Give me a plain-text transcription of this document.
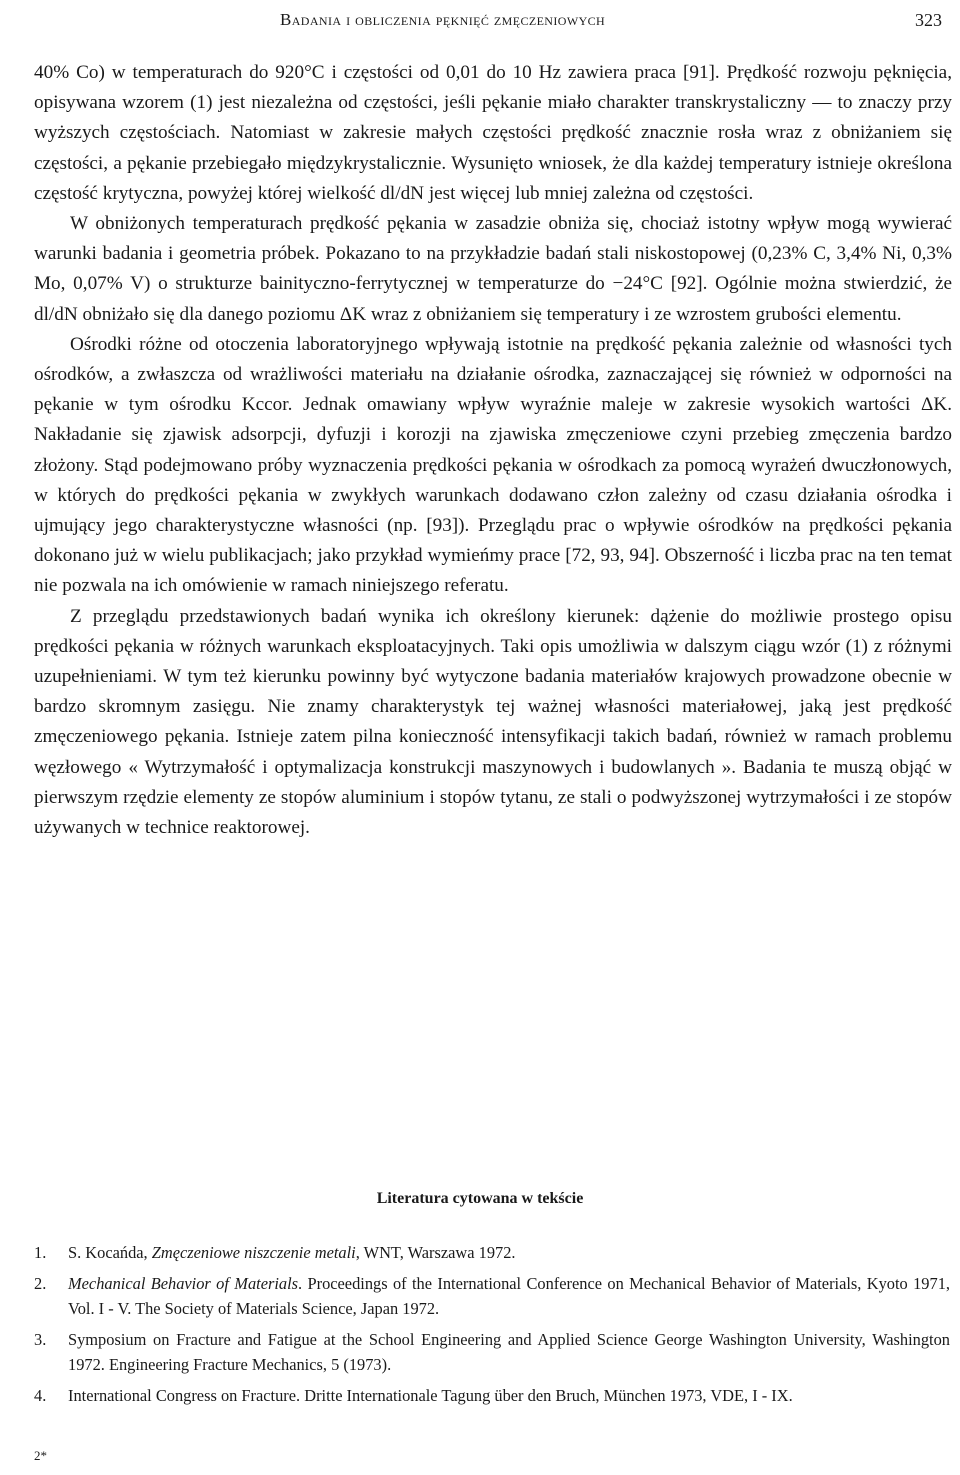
Badania i obliczenia pęknięć zmęczeniowych	323

40% Co) w temperaturach do 920°C i częstości od 0,01 do 10 Hz zawiera praca [91]. Prędkość rozwoju pęknięcia, opisywana wzorem (1) jest niezależna od częstości, jeśli pękanie miało charakter transkrystaliczny — to znaczy przy wyższych częstościach. Natomiast w zakresie małych częstości prędkość znacznie rosła wraz z obniżaniem się częstości, a pękanie przebiegało międzykrystalicznie. Wysunięto wniosek, że dla każdej temperatury istnieje określona częstość krytyczna, powyżej której wielkość dl/dN jest więcej lub mniej zależna od częstości.

W obniżonych temperaturach prędkość pękania w zasadzie obniża się, chociaż istotny wpływ mogą wywierać warunki badania i geometria próbek. Pokazano to na przykładzie badań stali niskostopowej (0,23% C, 3,4% Ni, 0,3% Mo, 0,07% V) o strukturze bainityczno-ferrytycznej w temperaturze do −24°C [92]. Ogólnie można stwierdzić, że dl/dN obniżało się dla danego poziomu ΔK wraz z obniżaniem się temperatury i ze wzrostem grubości elementu.

Ośrodki różne od otoczenia laboratoryjnego wpływają istotnie na prędkość pękania zależnie od własności tych ośrodków, a zwłaszcza od wrażliwości materiału na działanie ośrodka, zaznaczającej się również w odporności na pękanie w tym ośrodku Kccor. Jednak omawiany wpływ wyraźnie maleje w zakresie wysokich wartości ΔK. Nakładanie się zjawisk adsorpcji, dyfuzji i korozji na zjawiska zmęczeniowe czyni przebieg zmęczenia bardzo złożony. Stąd podejmowano próby wyznaczenia prędkości pękania w ośrodkach za pomocą wyrażeń dwuczłonowych, w których do prędkości pękania w zwykłych warunkach dodawano człon zależny od czasu działania ośrodka i ujmujący jego charakterystyczne własności (np. [93]). Przeglądu prac o wpływie ośrodków na prędkości pękania dokonano już w wielu publikacjach; jako przykład wymieńmy prace [72, 93, 94]. Obszerność i liczba prac na ten temat nie pozwala na ich omówienie w ramach niniejszego referatu.

Z przeglądu przedstawionych badań wynika ich określony kierunek: dążenie do możliwie prostego opisu prędkości pękania w różnych warunkach eksploatacyjnych. Taki opis umożliwia w dalszym ciągu wzór (1) z różnymi uzupełnieniami. W tym też kierunku powinny być wytyczone badania materiałów krajowych prowadzone obecnie w bardzo skromnym zasięgu. Nie znamy charakterystyk tej ważnej własności materiałowej, jaką jest prędkość zmęczeniowego pękania. Istnieje zatem pilna konieczność intensyfikacji takich badań, również w ramach problemu węzłowego « Wytrzymałość i optymalizacja konstrukcji maszynowych i budowlanych ». Badania te muszą objąć w pierwszym rzędzie elementy ze stopów aluminium i stopów tytanu, ze stali o podwyższonej wytrzymałości i ze stopów używanych w technice reaktorowej.

Literatura cytowana w tekście
1.	S. Kocańda, Zmęczeniowe niszczenie metali, WNT, Warszawa 1972.
2.	Mechanical Behavior of Materials. Proceedings of the International Conference on Mechanical Behavior of Materials, Kyoto 1971, Vol. I - V. The Society of Materials Science, Japan 1972.
3.	Symposium on Fracture and Fatigue at the School Engineering and Applied Science George Washington University, Washington 1972. Engineering Fracture Mechanics, 5 (1973).
4.	International Congress on Fracture. Dritte Internationale Tagung über den Bruch, München 1973, VDE, I - IX.
2*
